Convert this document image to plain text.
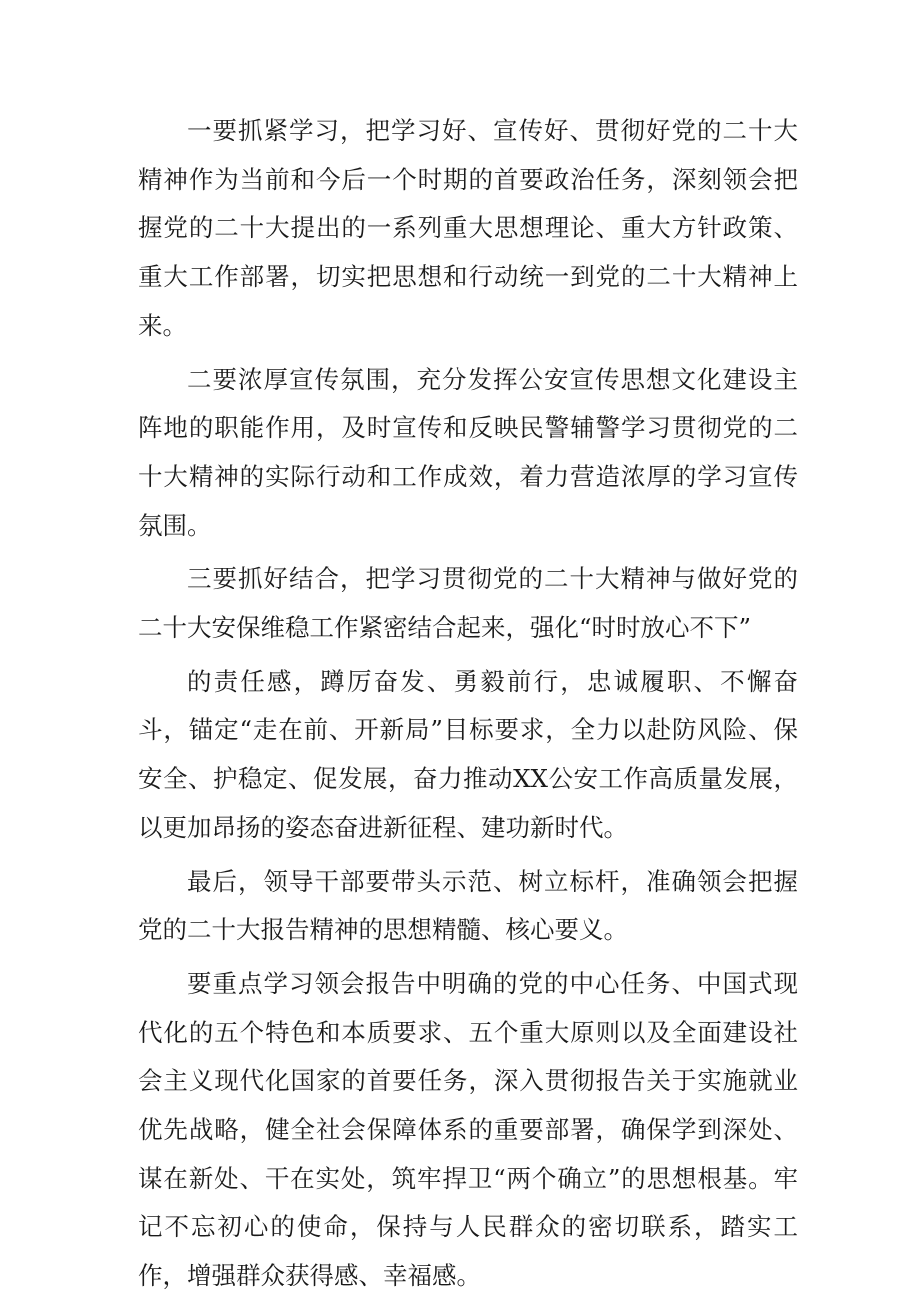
一要抓紧学习，把学习好、宣传好、贯彻好党的二十大精神作为当前和今后一个时期的首要政治任务，深刻领会把握党的二十大提出的一系列重大思想理论、重大方针政策、重大工作部署，切实把思想和行动统一到党的二十大精神上来。

二要浓厚宣传氛围，充分发挥公安宣传思想文化建设主阵地的职能作用，及时宣传和反映民警辅警学习贯彻党的二十大精神的实际行动和工作成效，着力营造浓厚的学习宣传氛围。

三要抓好结合，把学习贯彻党的二十大精神与做好党的二十大安保维稳工作紧密结合起来，强化“时时放心不下”

的责任感，蹲厉奋发、勇毅前行，忠诚履职、不懈奋斗，锚定“走在前、开新局”目标要求，全力以赴防风险、保安全、护稳定、促发展，奋力推动XX公安工作高质量发展，以更加昂扬的姿态奋进新征程、建功新时代。

最后，领导干部要带头示范、树立标杆，准确领会把握党的二十大报告精神的思想精髓、核心要义。

要重点学习领会报告中明确的党的中心任务、中国式现代化的五个特色和本质要求、五个重大原则以及全面建设社会主义现代化国家的首要任务，深入贯彻报告关于实施就业优先战略，健全社会保障体系的重要部署，确保学到深处、谋在新处、干在实处，筑牢捍卫“两个确立”的思想根基。牢记不忘初心的使命，保持与人民群众的密切联系，踏实工作，增强群众获得感、幸福感。
